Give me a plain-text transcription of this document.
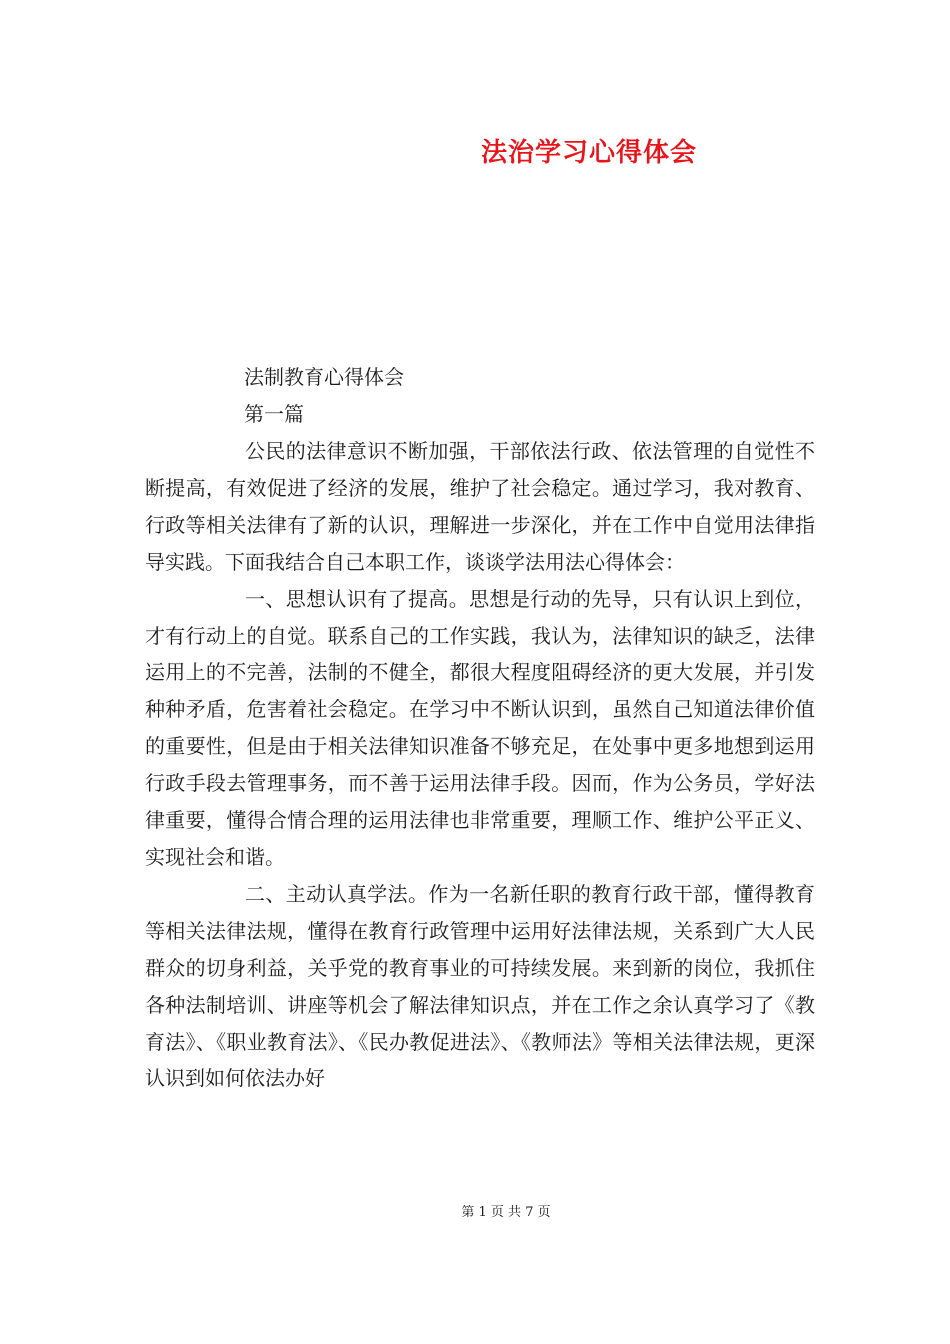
法治学习心得体会
法制教育心得体会
第一篇

公民的法律意识不断加强，干部依法行政、依法管理的自觉性不断提高，有效促进了经济的发展，维护了社会稳定。通过学习，我对教育、行政等相关法律有了新的认识，理解进一步深化，并在工作中自觉用法律指导实践。下面我结合自己本职工作，谈谈学法用法心得体会：

一、思想认识有了提高。思想是行动的先导，只有认识上到位，才有行动上的自觉。联系自己的工作实践，我认为，法律知识的缺乏，法律运用上的不完善，法制的不健全，都很大程度阻碍经济的更大发展，并引发种种矛盾，危害着社会稳定。在学习中不断认识到，虽然自己知道法律价值的重要性，但是由于相关法律知识准备不够充足，在处事中更多地想到运用行政手段去管理事务，而不善于运用法律手段。因而，作为公务员，学好法律重要，懂得合情合理的运用法律也非常重要，理顺工作、维护公平正义、实现社会和谐。

二、主动认真学法。作为一名新任职的教育行政干部，懂得教育等相关法律法规，懂得在教育行政管理中运用好法律法规，关系到广大人民群众的切身利益，关乎党的教育事业的可持续发展。来到新的岗位，我抓住各种法制培训、讲座等机会了解法律知识点，并在工作之余认真学习了《教育法》、《职业教育法》、《民办教促进法》、《教师法》等相关法律法规，更深认识到如何依法办好

第 1 页 共 7 页
